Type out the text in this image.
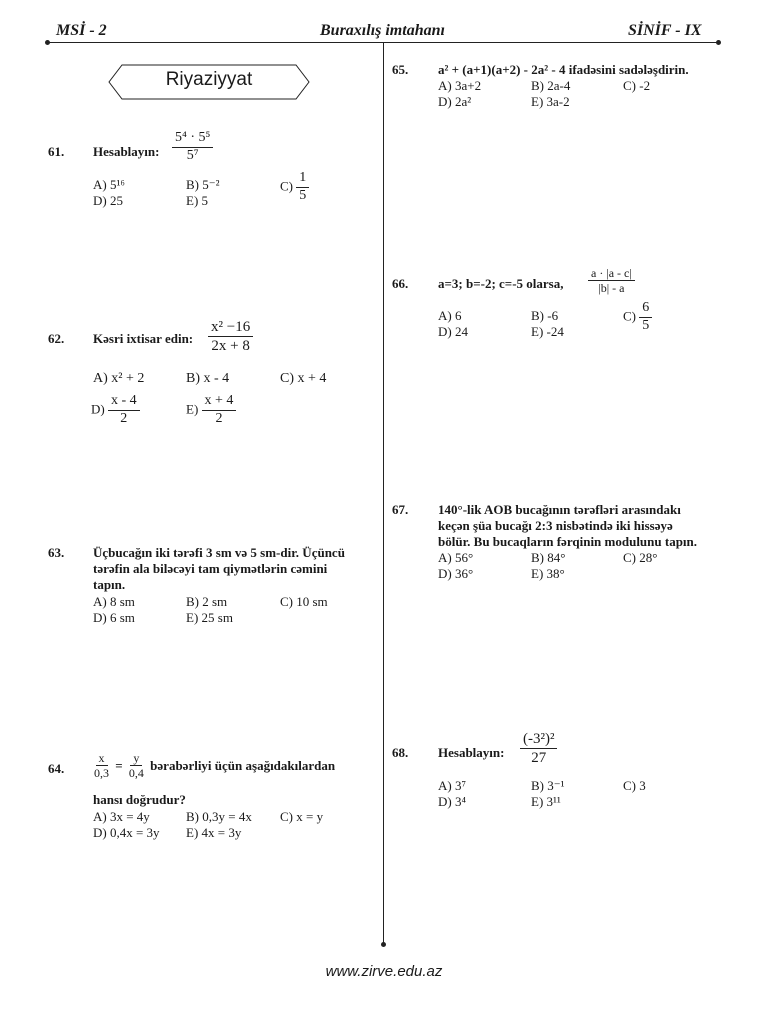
MSİ - 2	Buraxılış imtahanı	SİNİF - IX
Riyaziyyat
61. Hesablayın: $\frac{\text{5⁴ · 5⁵}}{\text{5⁷}}$
A) 5¹⁶	B) 5⁻²	$C) \frac{1}{5}$
D) 25	E) 5
62. Kəsri ixtisar edin: $\frac{\text{x² −16}}{2x + 8}$
A) x² + 2	B) x - 4	C) x + 4
$D) \frac{x - 4}{2}$	$E) \frac{x + 4}{2}$
63. Üçbucağın iki tərəfi 3 sm və 5 sm-dir. Üçüncü
tərəfin ala biləcəyi tam qiymətlərin cəmini
tapın.
A) 8 sm	B) 2 sm	C) 10 sm
D) 6 sm	E) 25 sm
64. $\frac{x}{0,3} = \frac{y}{0,4}$ bərabərliyi üçün aşağıdakılardan
hansı doğrudur?
A) 3x = 4y	B) 0,3y = 4x C) x = y
D) 0,4x = 3y E) 4x = 3y
65. a² + (a+1)(a+2) - 2a² - 4 ifadəsini sadələşdirin.
A) 3a+2	B) 2a-4	C) -2
D) 2a²	E) 3a-2
66. a=3; b=-2; c=-5 olarsa, $\frac{a \cdot |a - c|}{|b| - a}$
A) 6	B) -6	$C) \frac{6}{5}$
D) 24	E) -24
67. 140°-lik AOB bucağının tərəfləri arasındakı
keçən şüa bucağı 2:3 nisbətində iki hissəyə
bölür. Bu bucaqların fərqinin modulunu tapın.
A) 56°	B) 84°	C) 28°
D) 36°	E) 38°
68. Hesablayın: $\frac{\text{(-3²)²}}{27}$
A) 3⁷	B) 3⁻¹	C) 3
D) 3⁴	E) 3¹¹
www.zirve.edu.az
